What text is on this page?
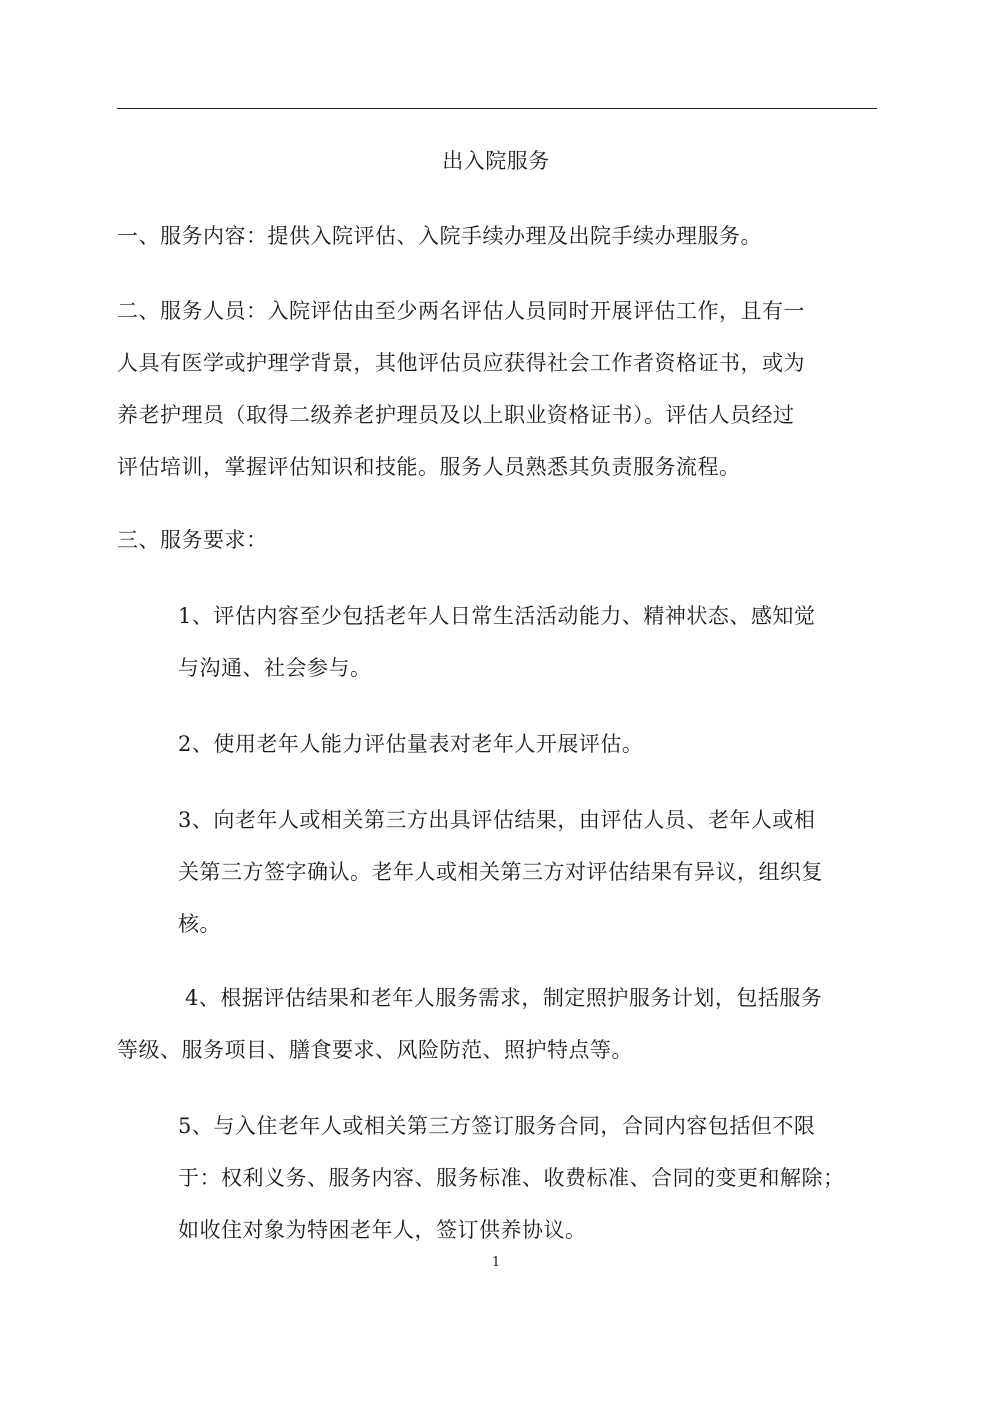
出入院服务
一、服务内容：提供入院评估、入院手续办理及出院手续办理服务。
二、服务人员：入院评估由至少两名评估人员同时开展评估工作，且有一
人具有医学或护理学背景，其他评估员应获得社会工作者资格证书，或为
养老护理员（取得二级养老护理员及以上职业资格证书）。评估人员经过
评估培训，掌握评估知识和技能。服务人员熟悉其负责服务流程。
三、服务要求：
1、评估内容至少包括老年人日常生活活动能力、精神状态、感知觉
与沟通、社会参与。
2、使用老年人能力评估量表对老年人开展评估。
3、向老年人或相关第三方出具评估结果，由评估人员、老年人或相
关第三方签字确认。老年人或相关第三方对评估结果有异议，组织复
核。
4、根据评估结果和老年人服务需求，制定照护服务计划，包括服务
等级、服务项目、膳食要求、风险防范、照护特点等。
5、与入住老年人或相关第三方签订服务合同，合同内容包括但不限
于：权利义务、服务内容、服务标准、收费标准、合同的变更和解除；
如收住对象为特困老年人，签订供养协议。
1
